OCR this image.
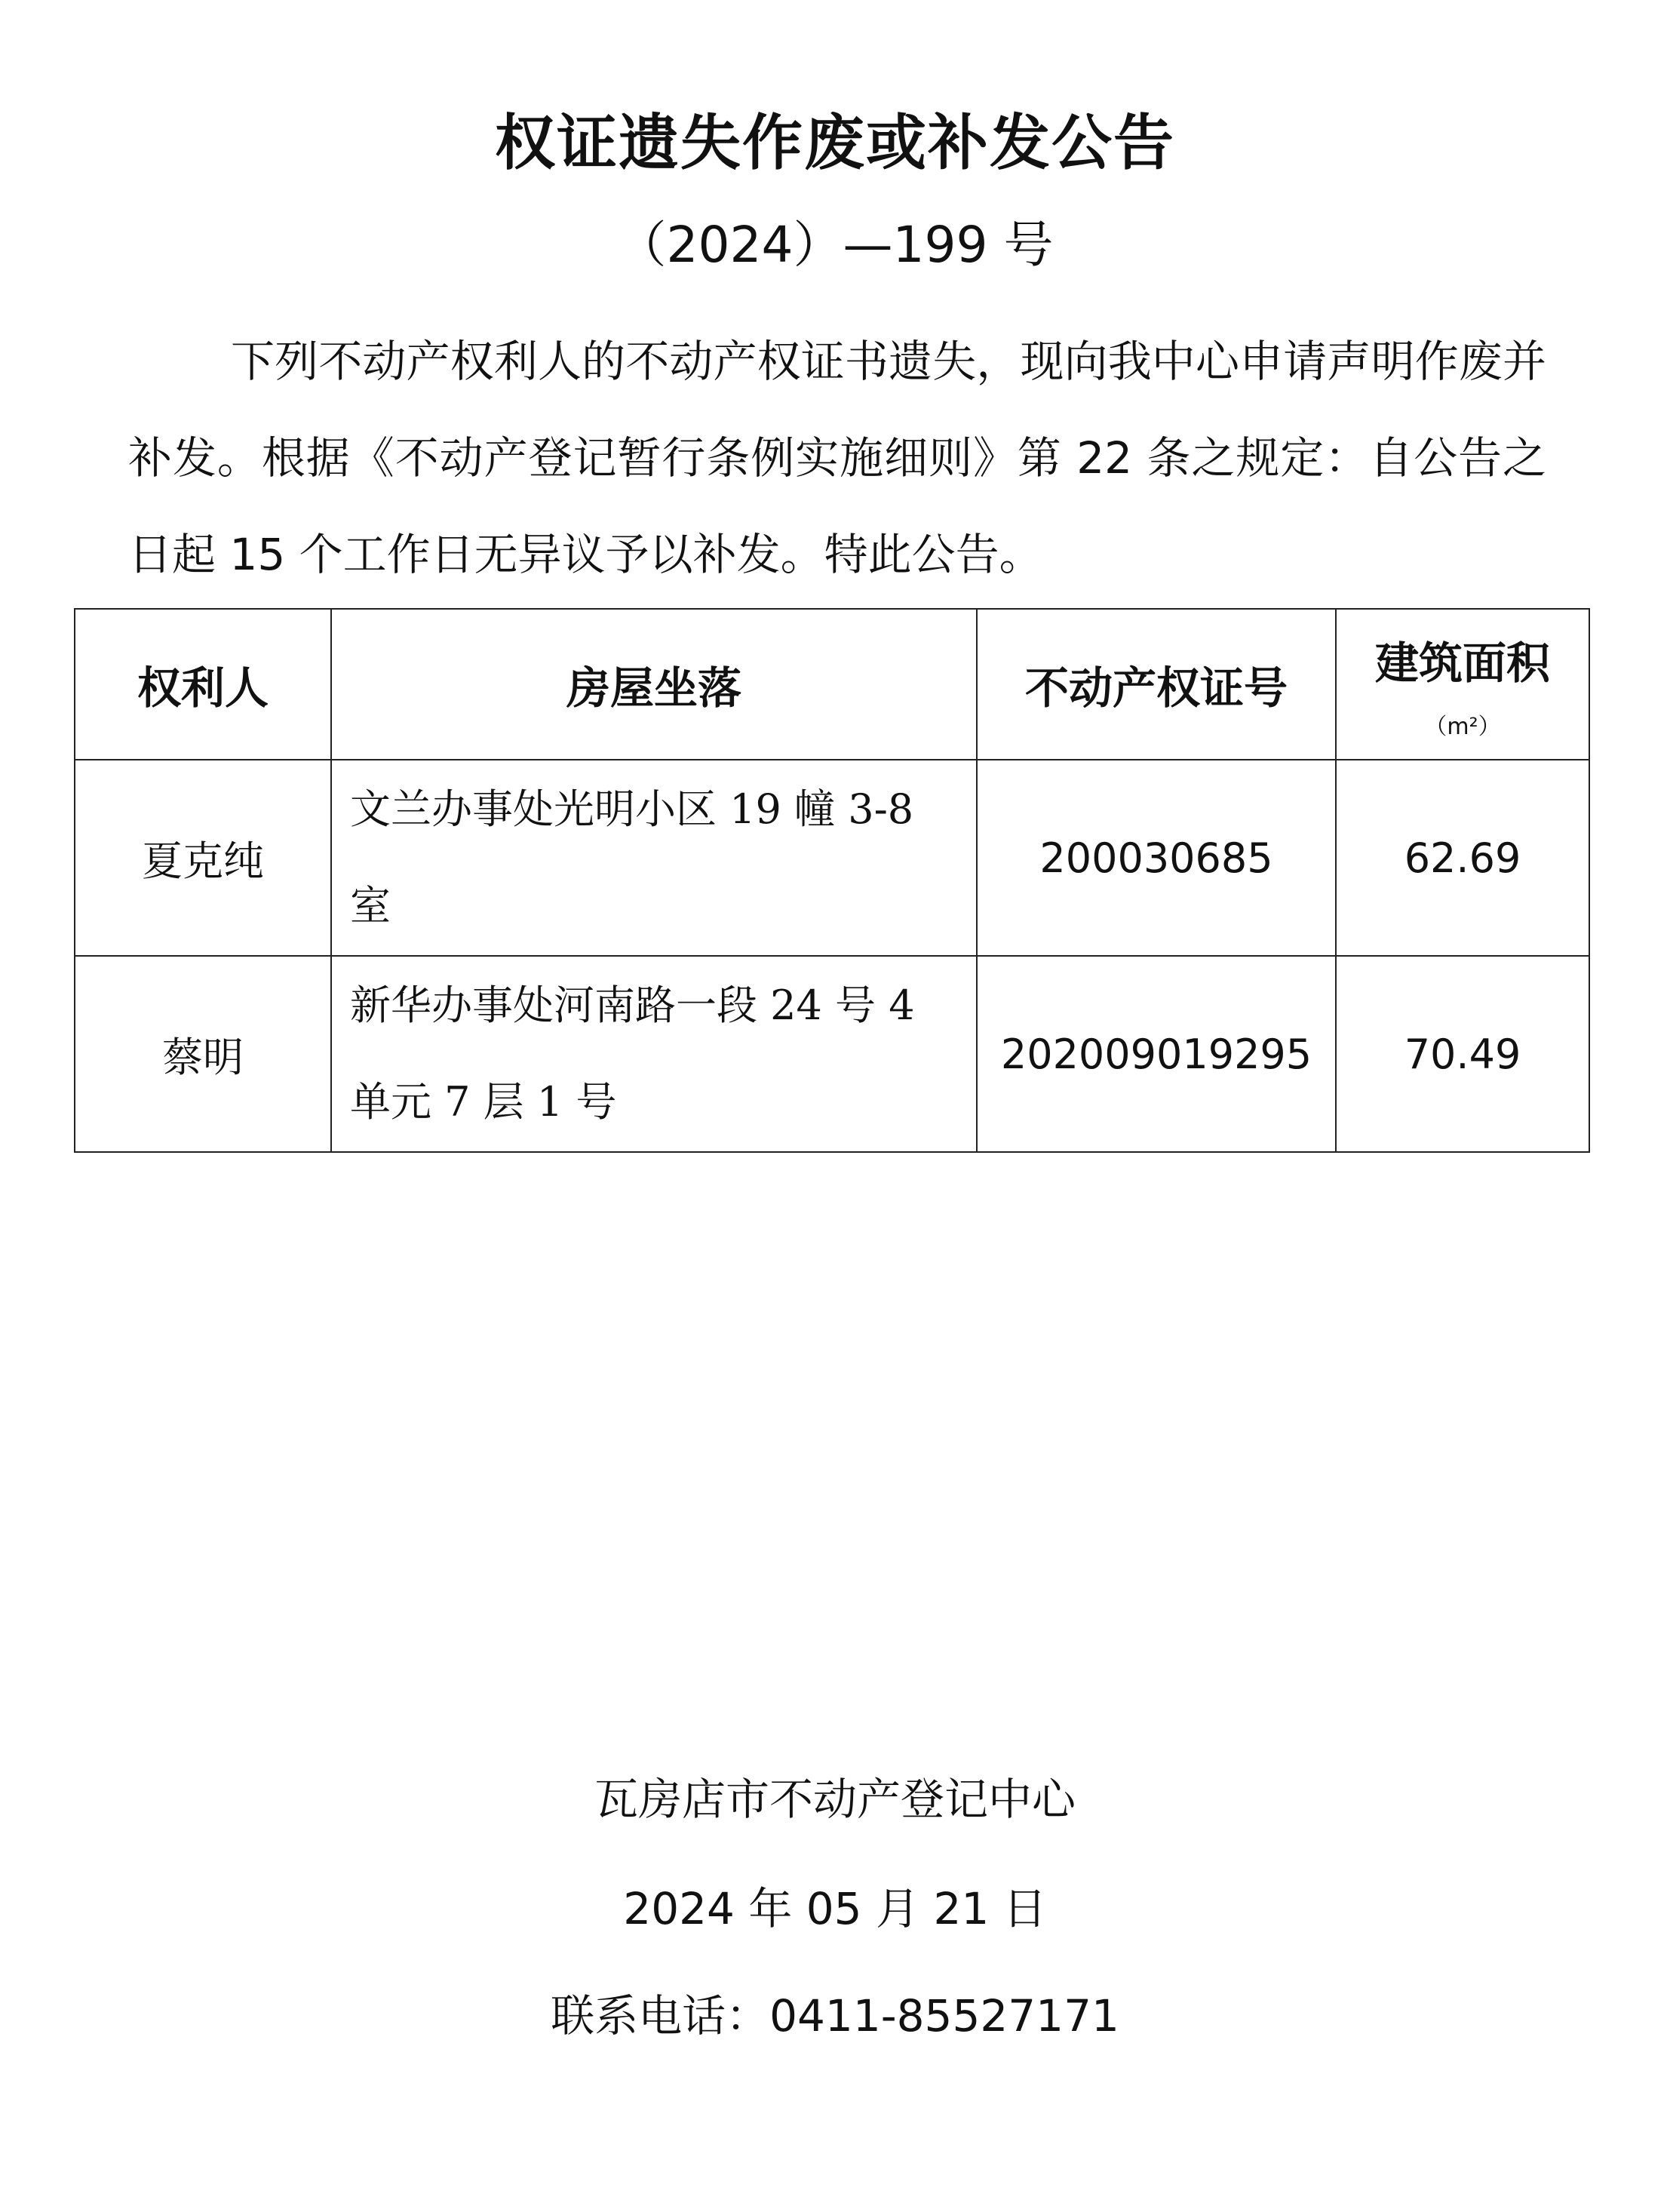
权证遗失作废或补发公告
（2024）—199 号
下列不动产权利人的不动产权证书遗失，现向我中心申请声明作废并补发。根据《不动产登记暂行条例实施细则》第 22 条之规定：自公告之日起 15 个工作日无异议予以补发。特此公告。
权利人	房屋坐落	不动产权证号	建筑面积
（m²）

夏克纯	文兰办事处光明小区 19 幢 3-8 室	200030685	62.69
蔡明	新华办事处河南路一段 24 号 4 单元 7 层 1 号	202009019295	70.49
瓦房店市不动产登记中心
2024 年 05 月 21 日
联系电话：0411-85527171
